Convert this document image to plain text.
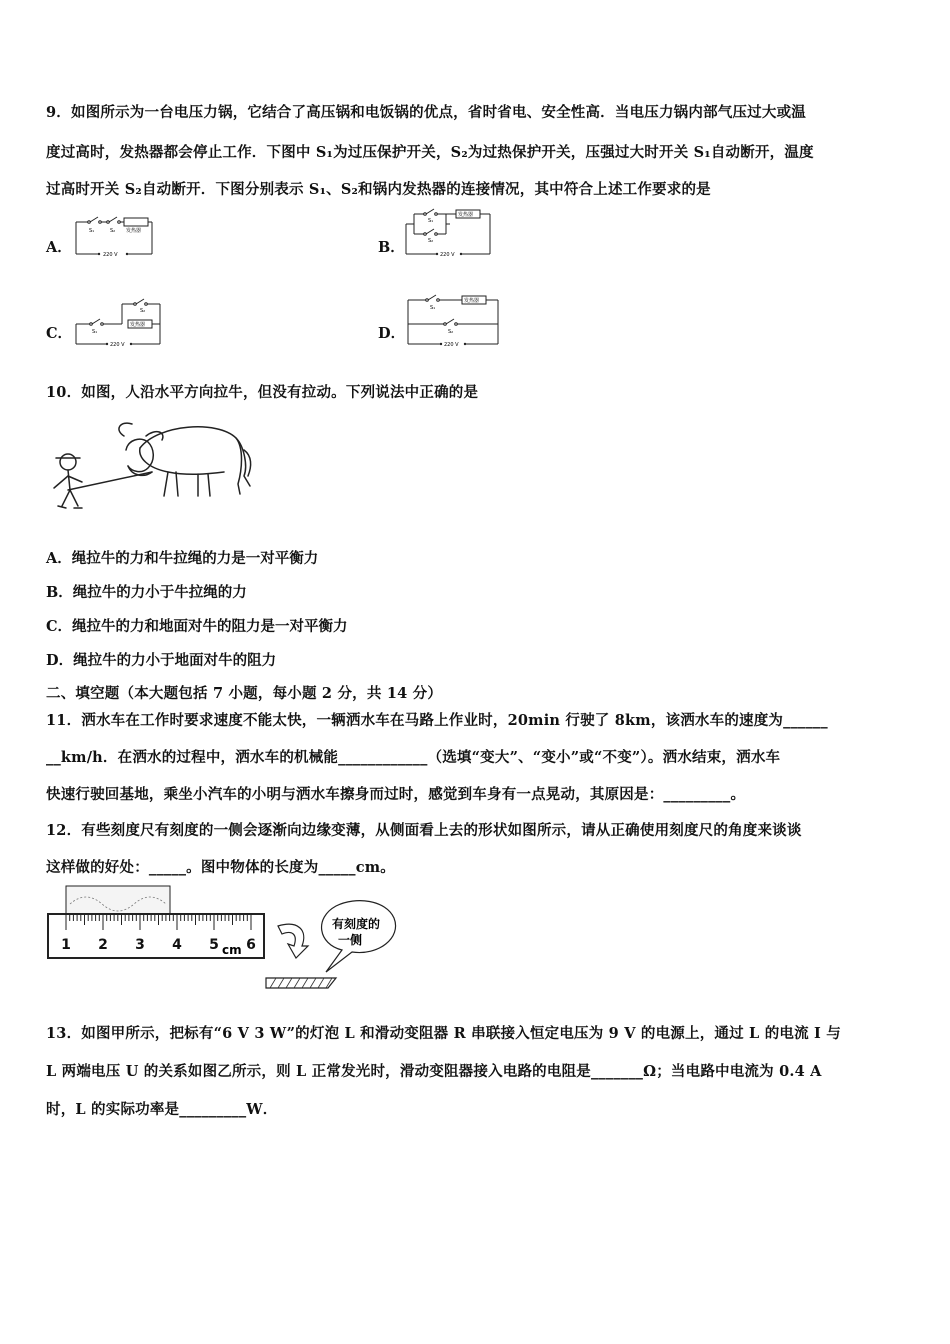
9．如图所示为一台电压力锅，它结合了高压锅和电饭锅的优点，省时省电、安全性高．当电压力锅内部气压过大或温
度过高时，发热器都会停止工作．下图中 S₁为过压保护开关，S₂为过热保护开关，压强过大时开关 S₁自动断开，温度
过高时开关 S₂自动断开．下图分别表示 S₁、S₂和锅内发热器的连接情况，其中符合上述工作要求的是
A．	B．
C．	D．
S₁	S₂ 发热器
220 V
S₁
S₂
发热器
220 V
S₁
S₂
发热器
220 V
S₁
S₂
发热器
220 V
10．如图，人沿水平方向拉牛，但没有拉动。下列说法中正确的是
A．绳拉牛的力和牛拉绳的力是一对平衡力
B．绳拉牛的力小于牛拉绳的力
C．绳拉牛的力和地面对牛的阻力是一对平衡力
D．绳拉牛的力小于地面对牛的阻力
二、填空题（本大题包括 7 小题，每小题 2 分，共 14 分）
11．洒水车在工作时要求速度不能太快，一辆洒水车在马路上作业时，20min 行驶了 8km，该洒水车的速度为______
__km/h．在洒水的过程中，洒水车的机械能____________（选填“变大”、“变小”或“不变”）。洒水结束，洒水车
快速行驶回基地，乘坐小汽车的小明与洒水车擦身而过时，感觉到车身有一点晃动，其原因是：_________。
12．有些刻度尺有刻度的一侧会逐渐向边缘变薄，从侧面看上去的形状如图所示，请从正确使用刻度尺的角度来谈谈
这样做的好处：_____。图中物体的长度为_____cm。
1 2 3 4 5 6
cm
有刻度的
一侧
13．如图甲所示，把标有“6 V 3 W”的灯泡 L 和滑动变阻器 R 串联接入恒定电压为 9 V 的电源上，通过 L 的电流 I 与
L 两端电压 U 的关系如图乙所示，则 L 正常发光时，滑动变阻器接入电路的电阻是_______Ω；当电路中电流为 0.4 A
时，L 的实际功率是_________W．
